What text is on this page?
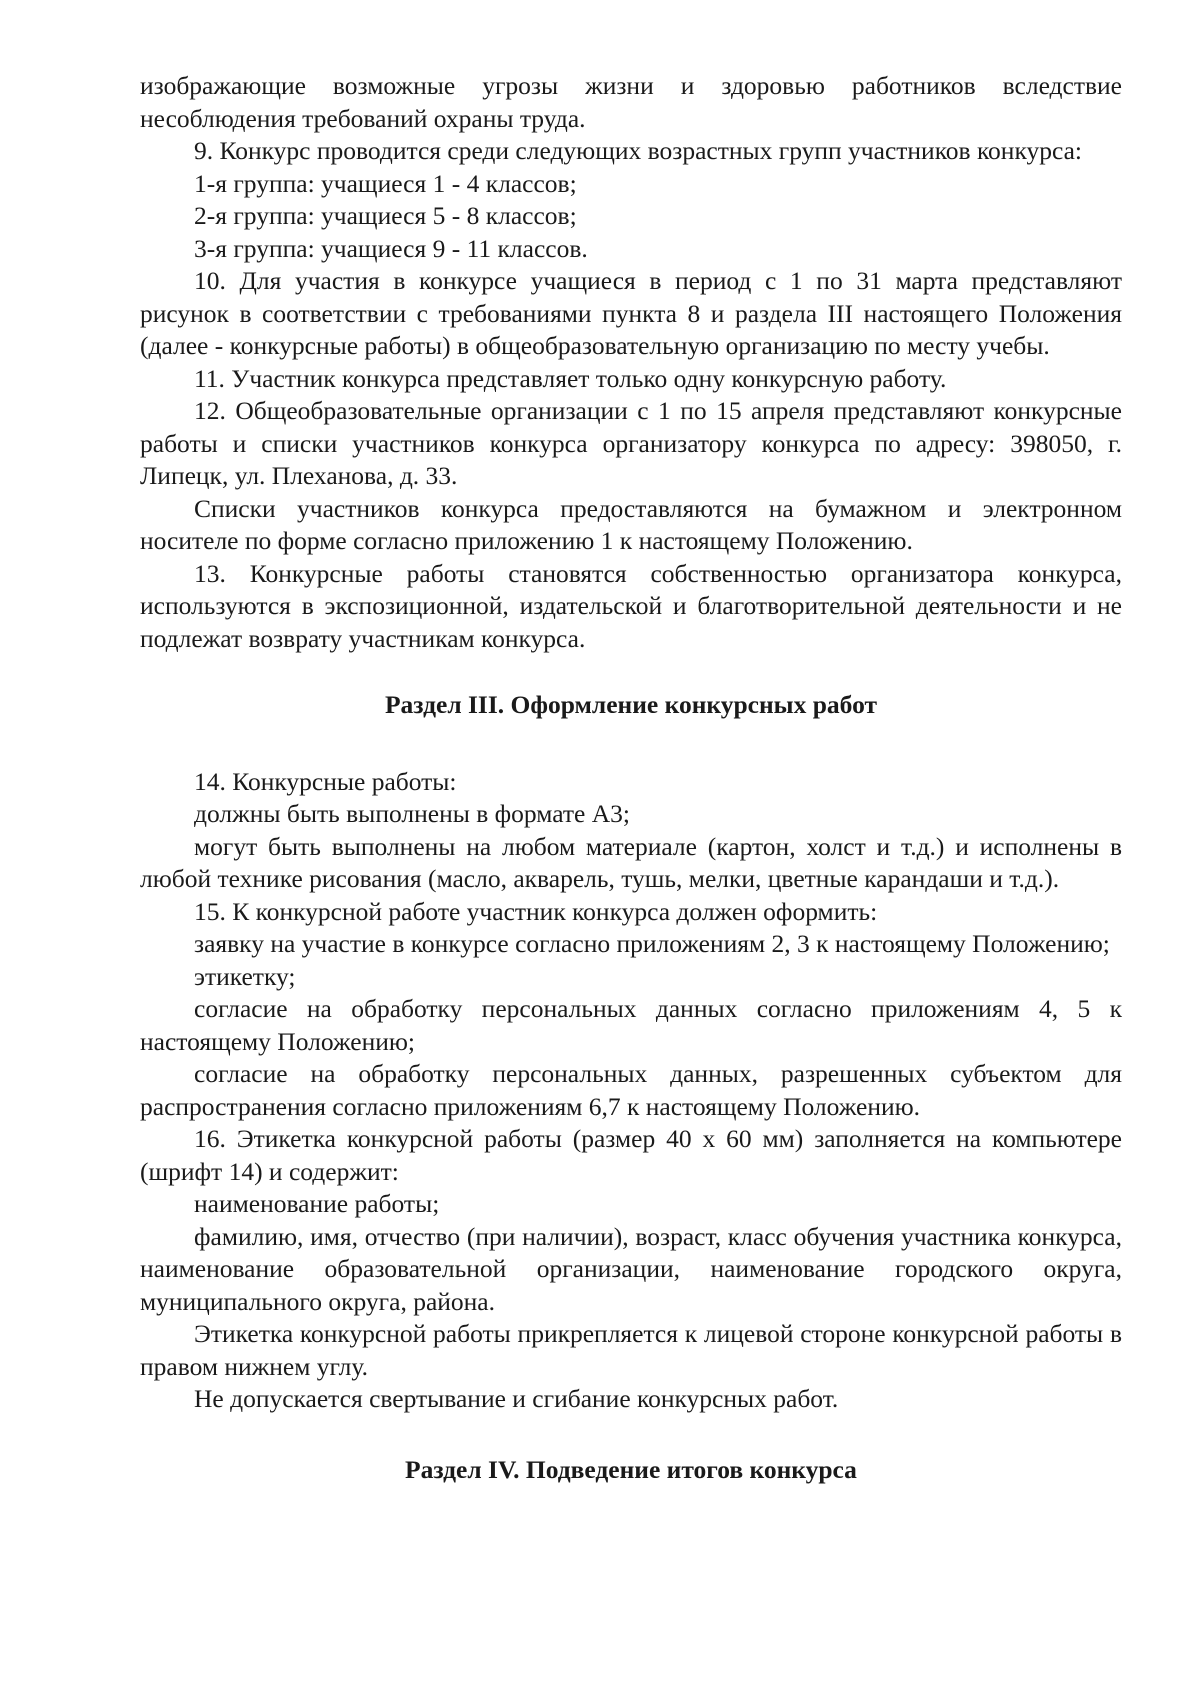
изображающие возможные угрозы жизни и здоровью работников вследствие несоблюдения требований охраны труда.

9. Конкурс проводится среди следующих возрастных групп участников конкурса:

1-я группа: учащиеся 1 - 4 классов;

2-я группа: учащиеся 5 - 8 классов;

3-я группа: учащиеся 9 - 11 классов.

10. Для участия в конкурсе учащиеся в период с 1 по 31 марта представляют рисунок в соответствии с требованиями пункта 8 и раздела III настоящего Положения (далее - конкурсные работы) в общеобразовательную организацию по месту учебы.

11. Участник конкурса представляет только одну конкурсную работу.

12. Общеобразовательные организации с 1 по 15 апреля представляют конкурсные работы и списки участников конкурса организатору конкурса по адресу: 398050, г. Липецк, ул. Плеханова, д. 33.

Списки участников конкурса предоставляются на бумажном и электронном носителе по форме согласно приложению 1 к настоящему Положению.

13. Конкурсные работы становятся собственностью организатора конкурса, используются в экспозиционной, издательской и благотворительной деятельности и не подлежат возврату участникам конкурса.

Раздел III. Оформление конкурсных работ

14. Конкурсные работы:

должны быть выполнены в формате А3;

могут быть выполнены на любом материале (картон, холст и т.д.) и исполнены в любой технике рисования (масло, акварель, тушь, мелки, цветные карандаши и т.д.).

15. К конкурсной работе участник конкурса должен оформить:

заявку на участие в конкурсе согласно приложениям 2, 3 к настоящему Положению;

этикетку;

согласие на обработку персональных данных согласно приложениям 4, 5 к настоящему Положению;

согласие на обработку персональных данных, разрешенных субъектом для распространения согласно приложениям 6,7 к настоящему Положению.

16. Этикетка конкурсной работы (размер 40 х 60 мм) заполняется на компьютере (шрифт 14) и содержит:

наименование работы;

фамилию, имя, отчество (при наличии), возраст, класс обучения участника конкурса, наименование образовательной организации, наименование городского округа, муниципального округа, района.

Этикетка конкурсной работы прикрепляется к лицевой стороне конкурсной работы в правом нижнем углу.

Не допускается свертывание и сгибание конкурсных работ.

Раздел IV. Подведение итогов конкурса
